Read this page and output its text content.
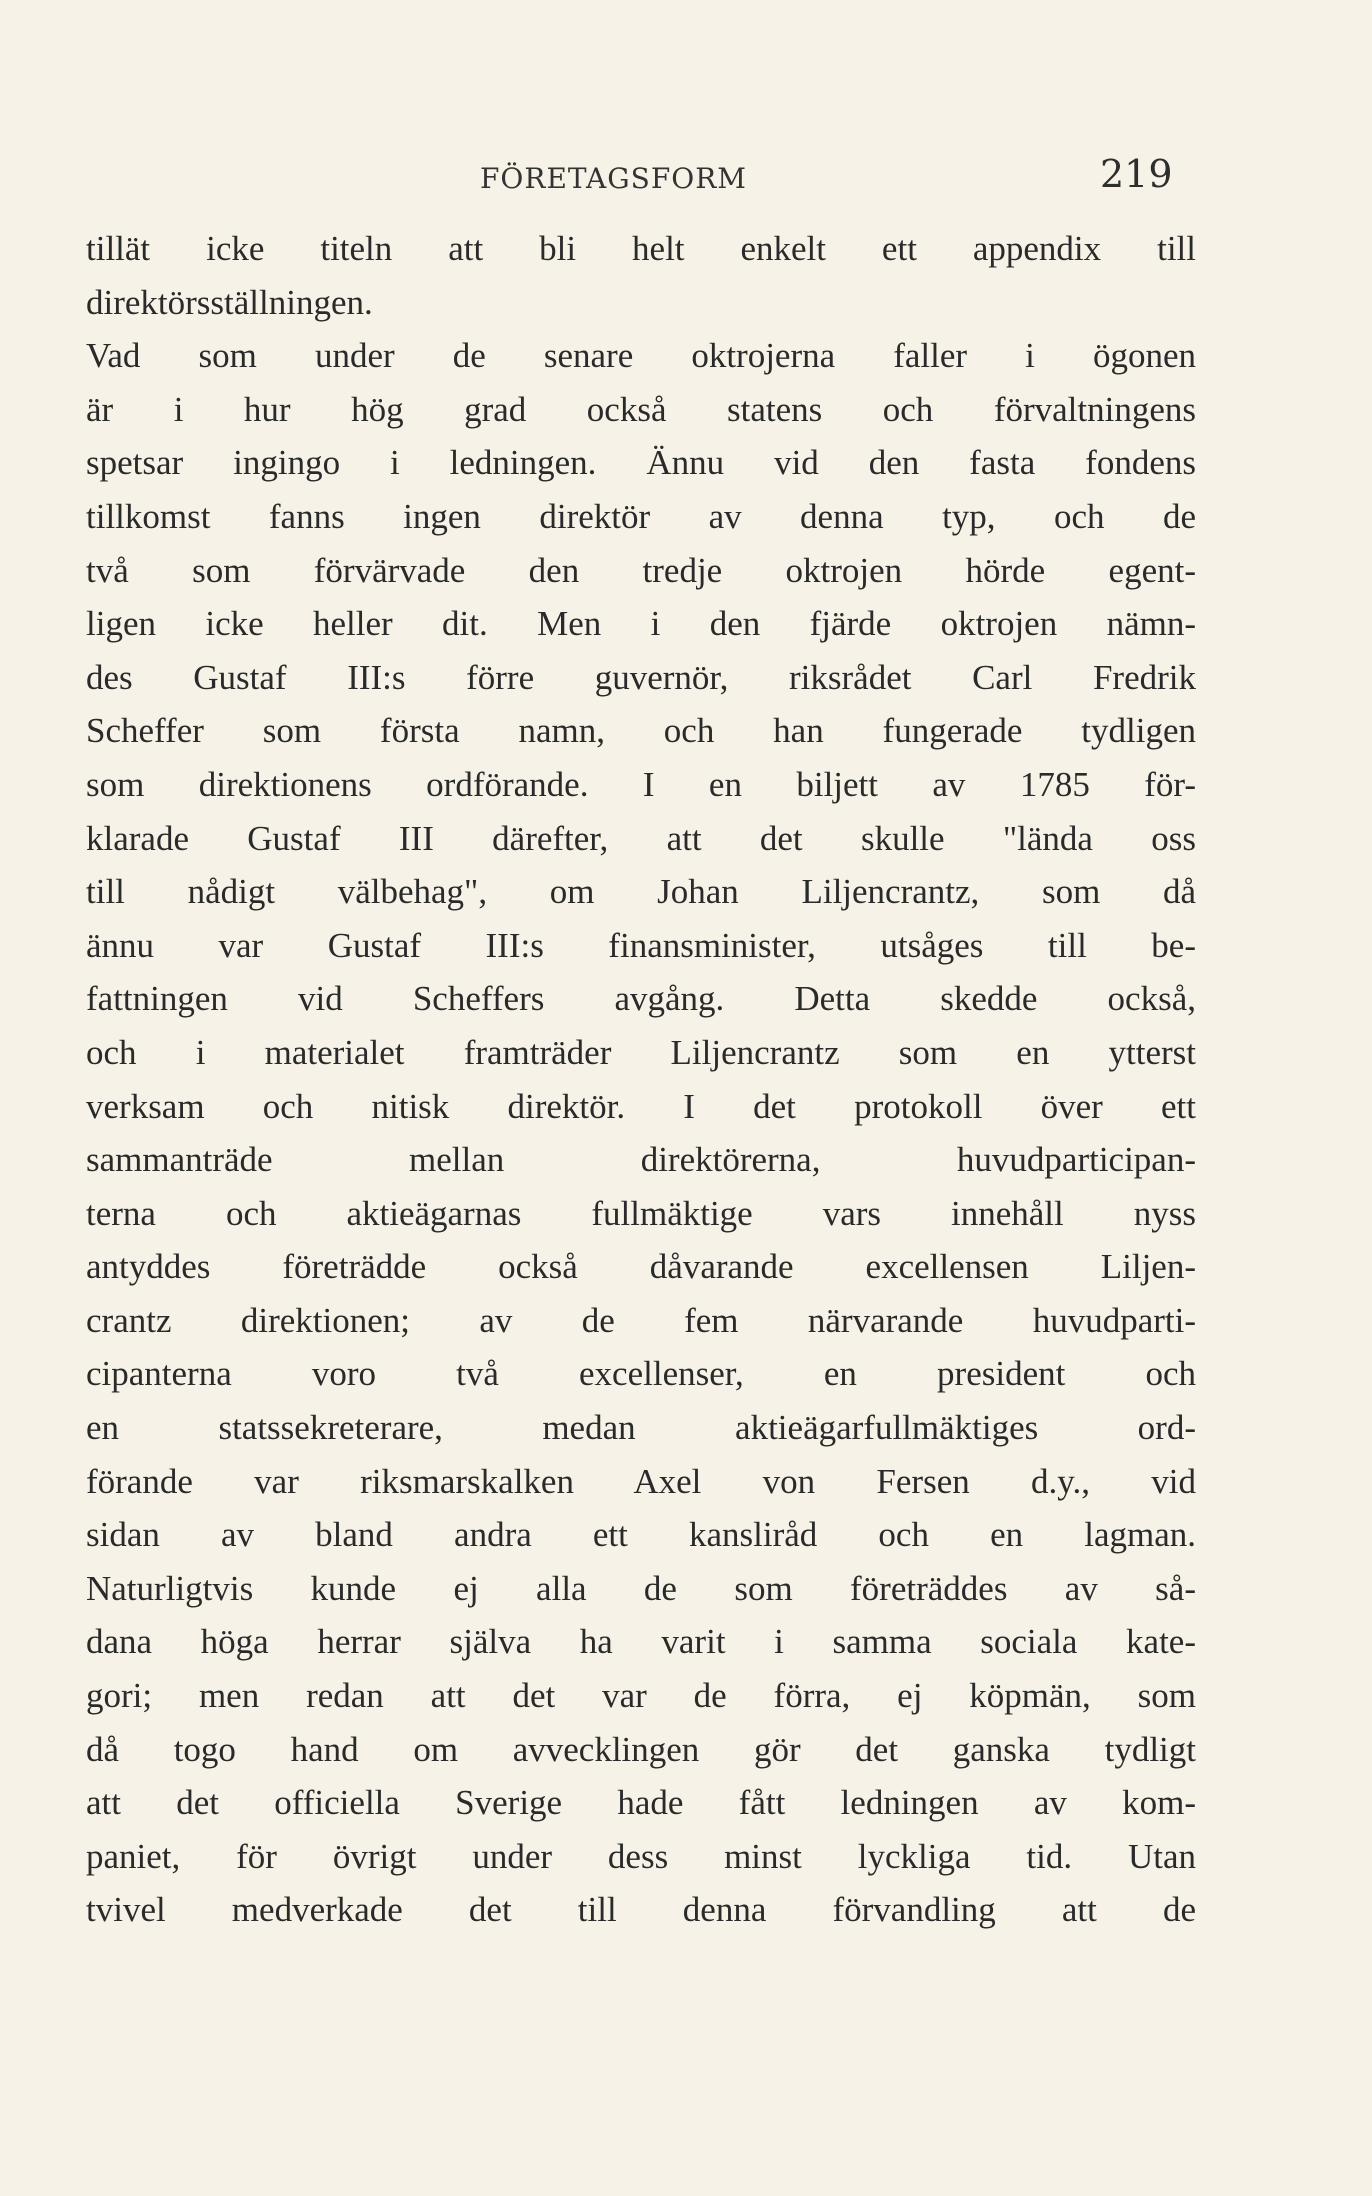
FÖRETAGSFORM	219
tillät icke titeln att bli helt enkelt ett appendix till
direktörsställningen.
Vad som under de senare oktrojerna faller i ögonen
är i hur hög grad också statens och förvaltningens
spetsar ingingo i ledningen. Ännu vid den fasta fondens
tillkomst fanns ingen direktör av denna typ, och de
två som förvärvade den tredje oktrojen hörde egent-
ligen icke heller dit. Men i den fjärde oktrojen nämn-
des Gustaf III:s förre guvernör, riksrådet Carl Fredrik
Scheffer som första namn, och han fungerade tydligen
som direktionens ordförande. I en biljett av 1785 för-
klarade Gustaf III därefter, att det skulle "lända oss
till nådigt välbehag", om Johan Liljencrantz, som då
ännu var Gustaf III:s finansminister, utsåges till be-
fattningen vid Scheffers avgång. Detta skedde också,
och i materialet framträder Liljencrantz som en ytterst
verksam och nitisk direktör. I det protokoll över ett
sammanträde mellan direktörerna, huvudparticipan-
terna och aktieägarnas fullmäktige vars innehåll nyss
antyddes företrädde också dåvarande excellensen Liljen-
crantz direktionen; av de fem närvarande huvudparti-
cipanterna voro två excellenser, en president och
en statssekreterare, medan aktieägarfullmäktiges ord-
förande var riksmarskalken Axel von Fersen d.y., vid
sidan av bland andra ett kansliråd och en lagman.
Naturligtvis kunde ej alla de som företräddes av så-
dana höga herrar själva ha varit i samma sociala kate-
gori; men redan att det var de förra, ej köpmän, som
då togo hand om avvecklingen gör det ganska tydligt
att det officiella Sverige hade fått ledningen av kom-
paniet, för övrigt under dess minst lyckliga tid. Utan
tvivel medverkade det till denna förvandling att de
